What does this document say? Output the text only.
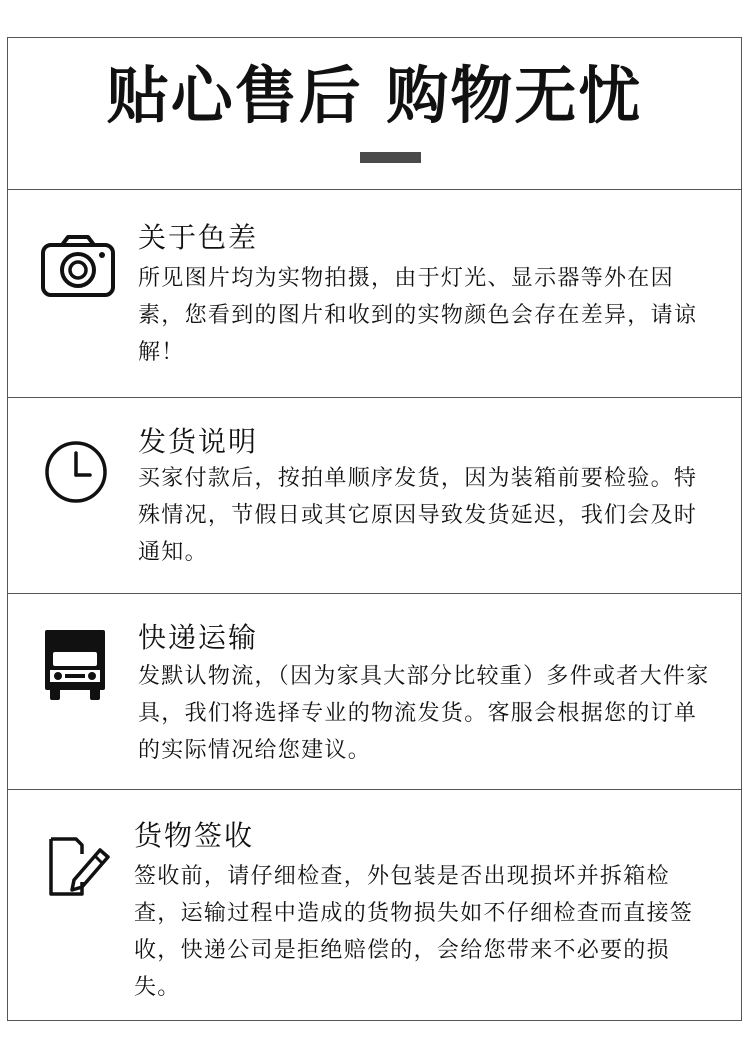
贴心售后 购物无忧
关于色差
所见图片均为实物拍摄，由于灯光、显示器等外在因素，您看到的图片和收到的实物颜色会存在差异，请谅解！
发货说明
买家付款后，按拍单顺序发货，因为装箱前要检验。特殊情况，节假日或其它原因导致发货延迟，我们会及时通知。
快递运输
发默认物流，（因为家具大部分比较重）多件或者大件家具，我们将选择专业的物流发货。客服会根据您的订单的实际情况给您建议。
货物签收
签收前，请仔细检查，外包装是否出现损坏并拆箱检查，运输过程中造成的货物损失如不仔细检查而直接签收，快递公司是拒绝赔偿的，会给您带来不必要的损失。
